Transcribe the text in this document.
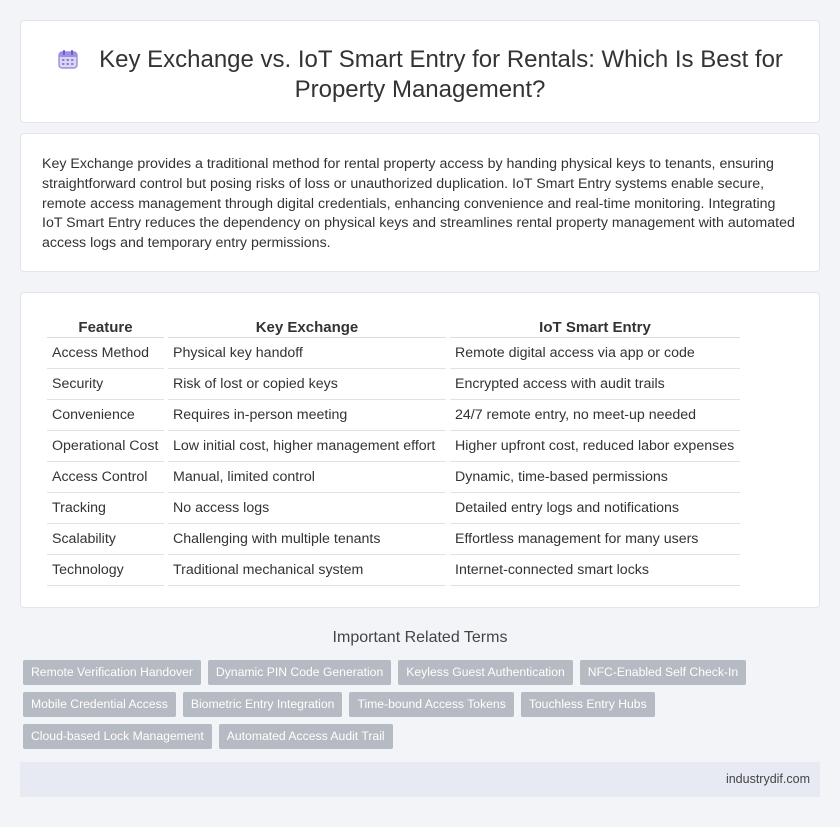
Key Exchange vs. IoT Smart Entry for Rentals: Which Is Best for Property Management?

Key Exchange provides a traditional method for rental property access by handing physical keys to tenants, ensuring straightforward control but posing risks of loss or unauthorized duplication. IoT Smart Entry systems enable secure, remote access management through digital credentials, enhancing convenience and real-time monitoring. Integrating IoT Smart Entry reduces the dependency on physical keys and streamlines rental property management with automated access logs and temporary entry permissions.

Feature	Key Exchange	IoT Smart Entry
Access Method	Physical key handoff	Remote digital access via app or code
Security	Risk of lost or copied keys	Encrypted access with audit trails
Convenience	Requires in-person meeting	24/7 remote entry, no meet-up needed
Operational Cost	Low initial cost, higher management effort	Higher upfront cost, reduced labor expenses
Access Control	Manual, limited control	Dynamic, time-based permissions
Tracking	No access logs	Detailed entry logs and notifications
Scalability	Challenging with multiple tenants	Effortless management for many users
Technology	Traditional mechanical system	Internet-connected smart locks
Important Related Terms
Remote Verification Handover	Dynamic PIN Code Generation	Keyless Guest Authentication	NFC-Enabled Self Check-In
Mobile Credential Access	Biometric Entry Integration	Time-bound Access Tokens	Touchless Entry Hubs
Cloud-based Lock Management	Automated Access Audit Trail
industrydif.com
